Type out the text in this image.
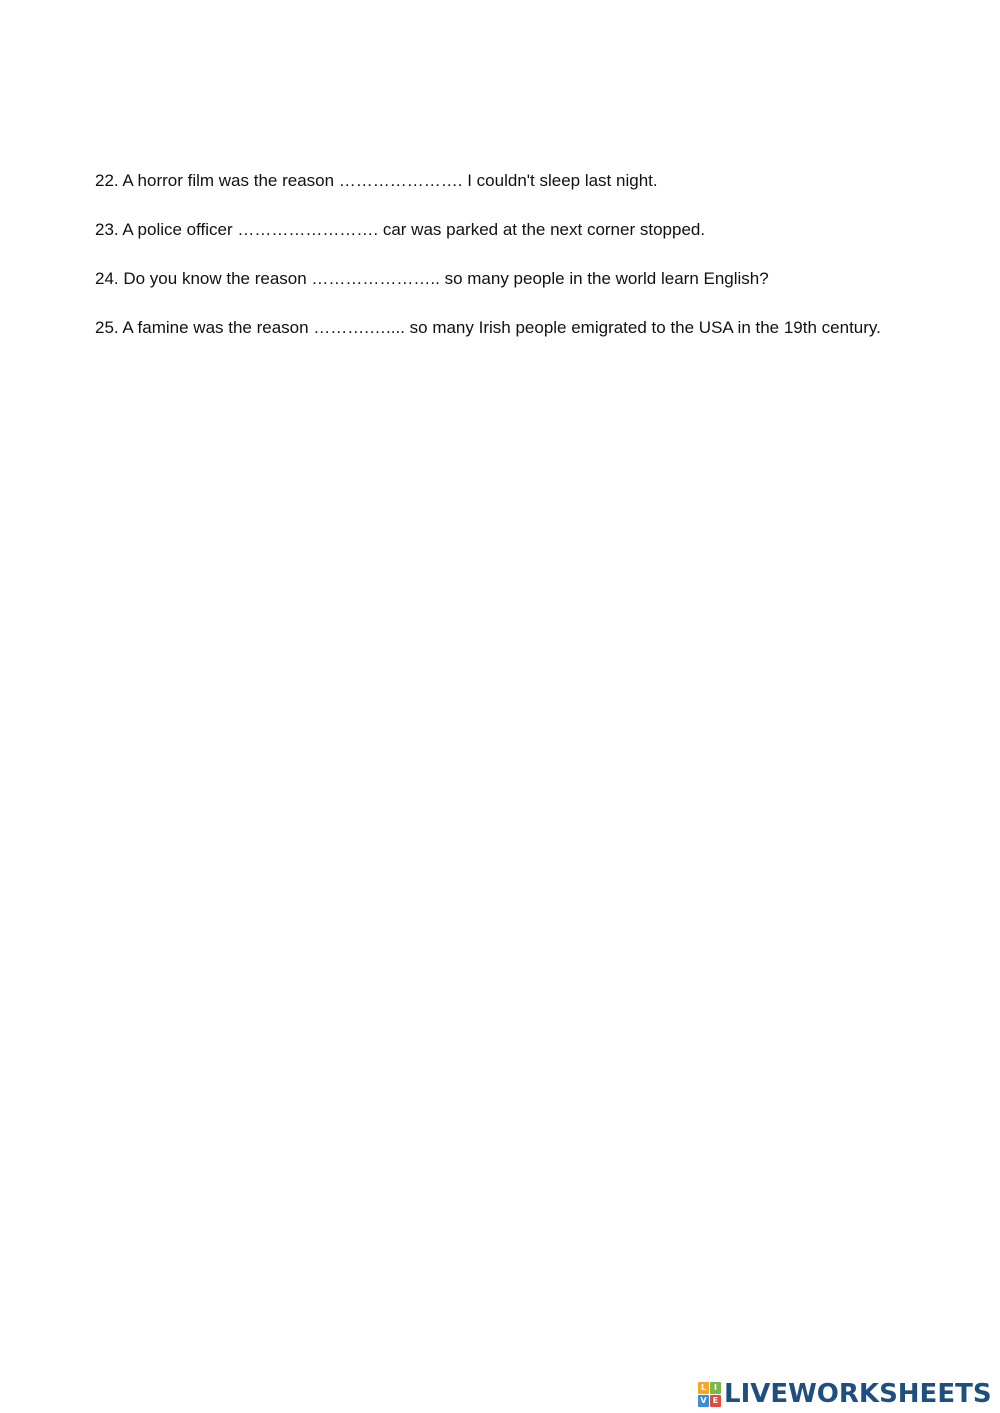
22. A horror film was the reason …………………. I couldn't sleep last night.

23. A police officer ……………………. car was parked at the next corner stopped.

24. Do you know the reason ………………….. so many people in the world learn English?

25. A famine was the reason ……….….... so many Irish people emigrated to the USA in the 19th century.

L I
V E LIVEWORKSHEETS
